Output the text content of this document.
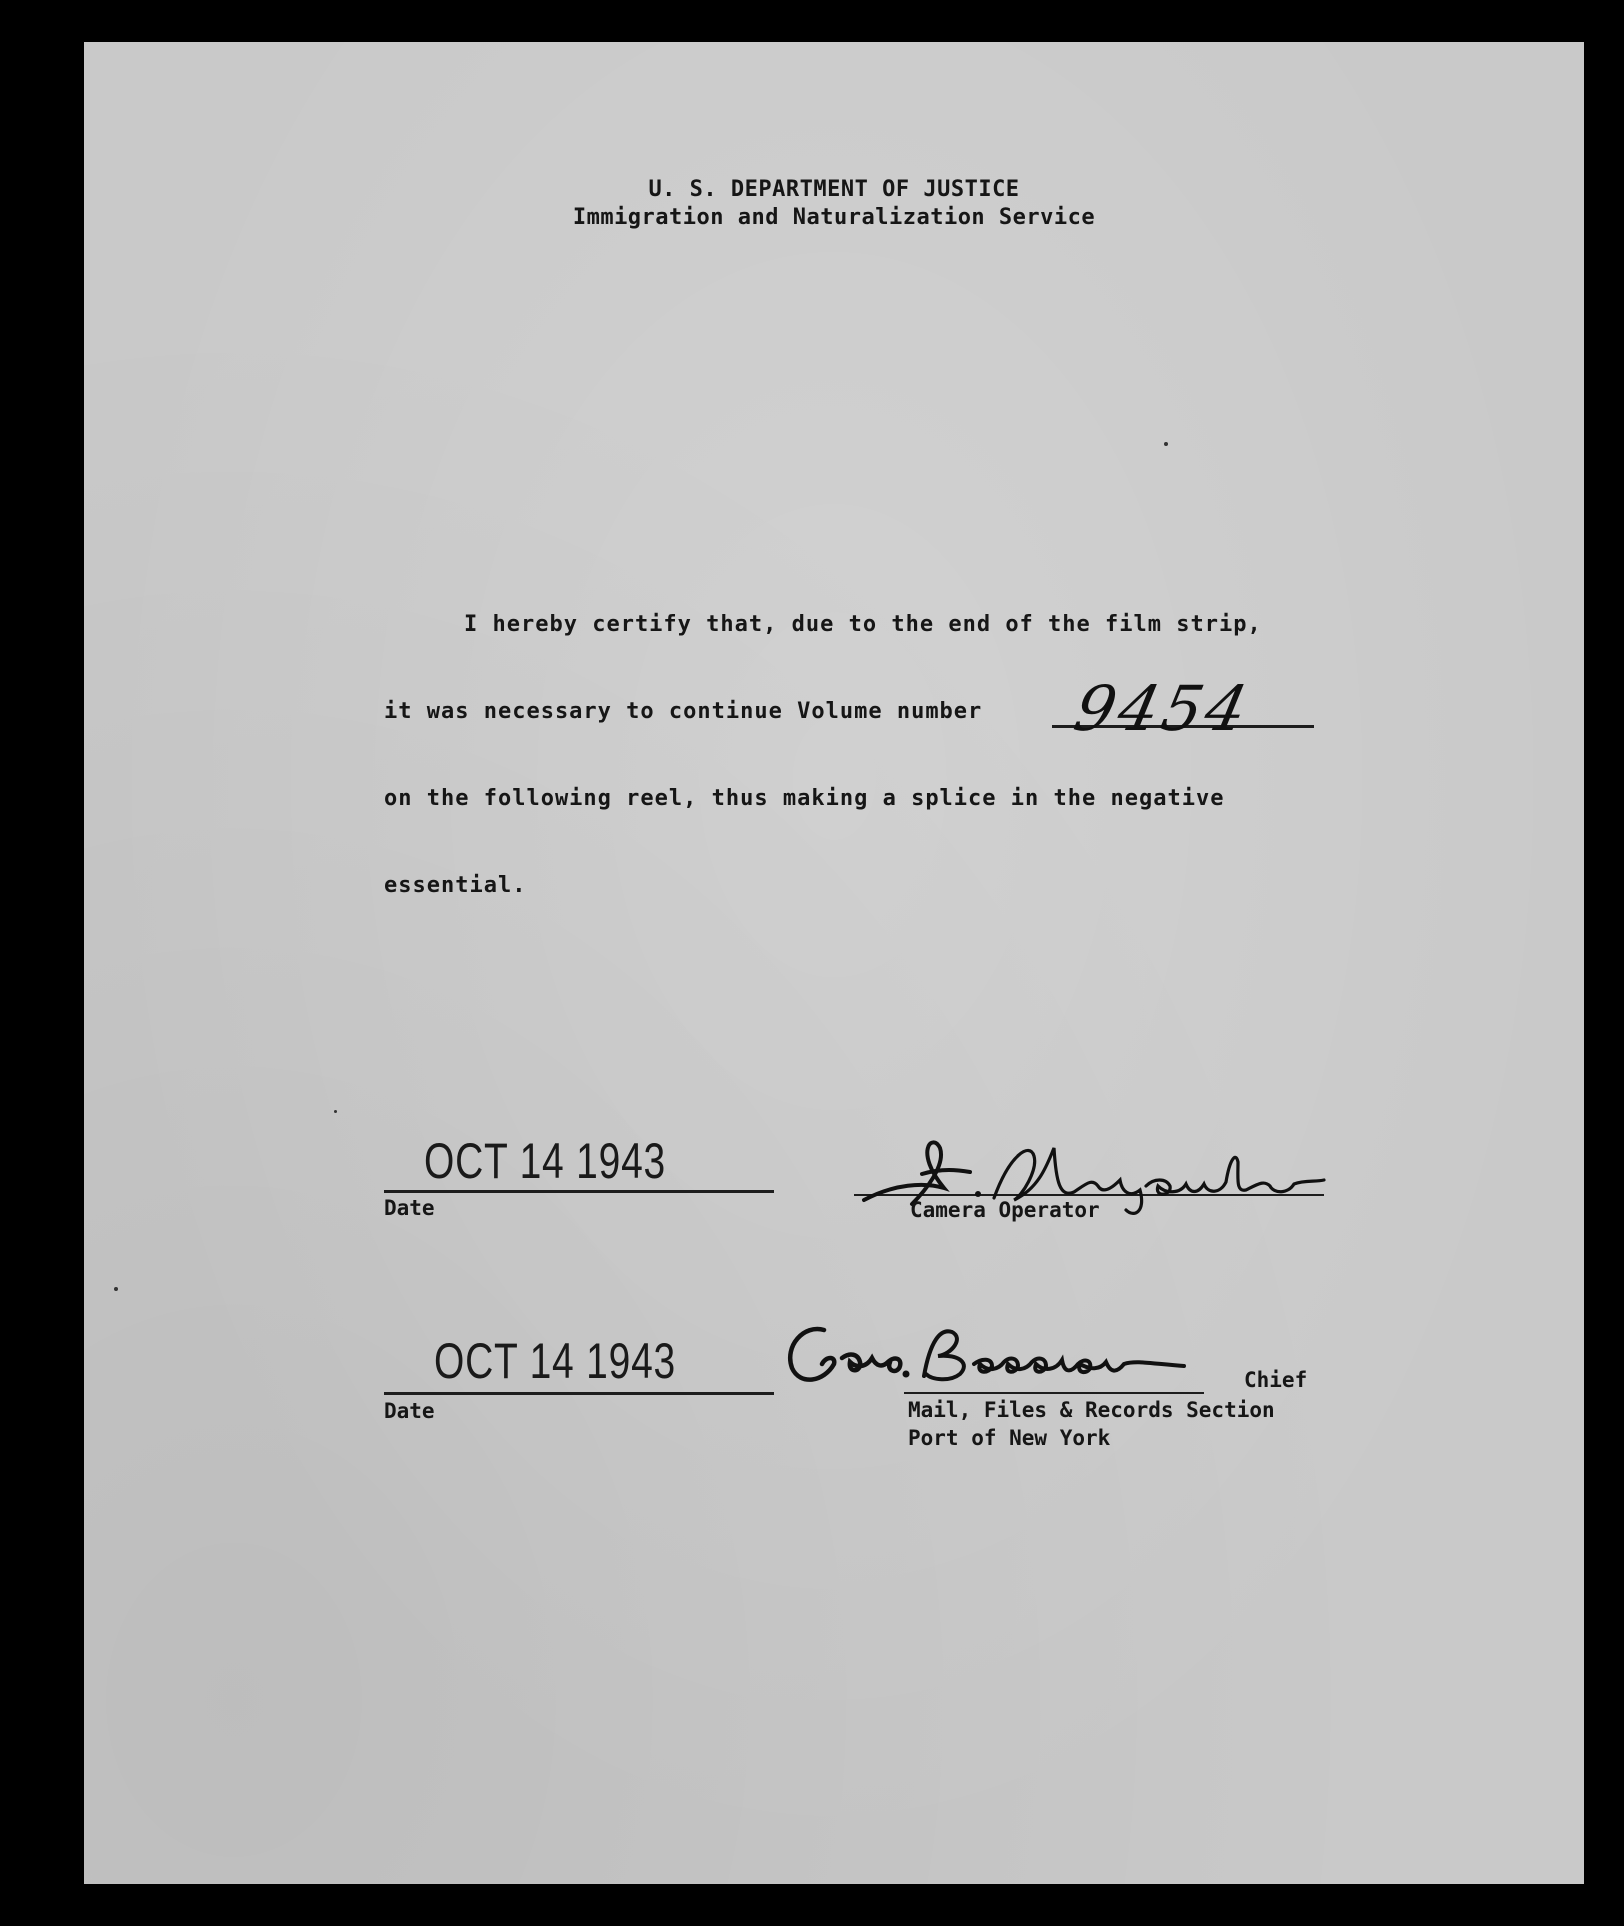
U. S. DEPARTMENT OF JUSTICE
Immigration and Naturalization Service
I hereby certify that, due to the end of the film strip,
it was necessary to continue Volume number 9454
on the following reel, thus making a splice in the negative
essential.
OCT 14 1943
Date	Camera Operator
OCT 14 1943
Date
Chief
Mail, Files & Records Section
Port of New York
